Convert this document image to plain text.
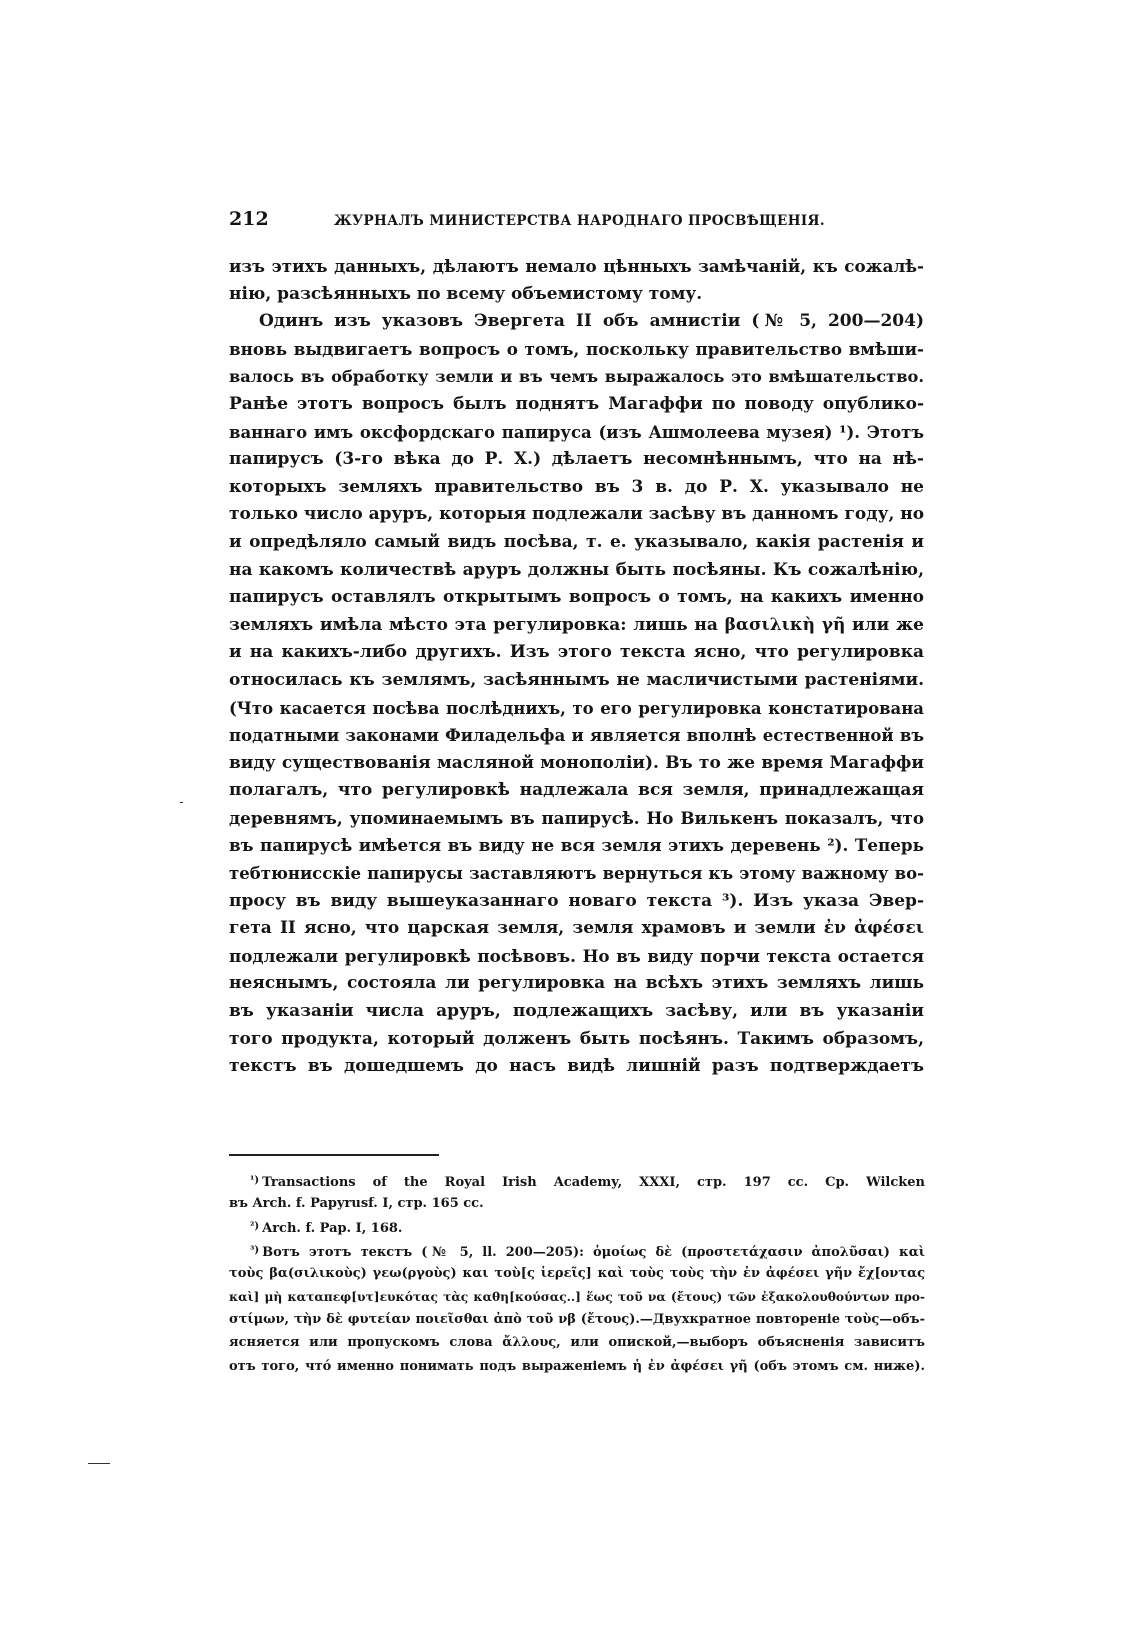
212	ЖУРНАЛЪ МИНИСТЕРСТВА НАРОДНАГО ПРОСВѢЩЕНІЯ.
изъ этихъ данныхъ, дѣлаютъ немало цѣнныхъ замѣчаній, къ сожалѣ-
нію, разсѣянныхъ по всему объемистому тому.
Одинъ изъ указовъ Эвергета II объ амнистіи (№ 5, 200—204)
вновь выдвигаетъ вопросъ о томъ, поскольку правительство вмѣши-
валось въ обработку земли и въ чемъ выражалось это вмѣшательство.
Ранѣе этотъ вопросъ былъ поднятъ Магаффи по поводу опублико-
ваннаго имъ оксфордскаго папируса (изъ Ашмолеева музея) ¹). Этотъ
папирусъ (3-го вѣка до Р. Х.) дѣлаетъ несомнѣннымъ, что на нѣ-
которыхъ земляхъ правительство въ 3 в. до Р. Х. указывало не
только число аруръ, которыя подлежали засѣву въ данномъ году, но
и опредѣляло самый видъ посѣва, т. е. указывало, какія растенія и
на какомъ количествѣ аруръ должны быть посѣяны. Къ сожалѣнію,
папирусъ оставлялъ открытымъ вопросъ о томъ, на какихъ именно
земляхъ имѣла мѣсто эта регулировка: лишь на βασιλικὴ γῆ или же
и на какихъ-либо другихъ. Изъ этого текста ясно, что регулировка
относилась къ землямъ, засѣяннымъ не масличистыми растеніями.
(Что касается посѣва послѣднихъ, то его регулировка констатирована
податными законами Филадельфа и является вполнѣ естественной въ
виду существованія масляной монополіи). Въ то же время Магаффи
полагалъ, что регулировкѣ надлежала вся земля, принадлежащая
деревнямъ, упоминаемымъ въ папирусѣ. Но Вилькенъ показалъ, что
въ папирусѣ имѣется въ виду не вся земля этихъ деревень ²). Теперь
тебтюнисскіе папирусы заставляютъ вернуться къ этому важному во-
просу въ виду вышеуказаннаго новаго текста ³). Изъ указа Эвер-
гета II ясно, что царская земля, земля храмовъ и земли ἐν ἀφέσει
подлежали регулировкѣ посѣвовъ. Но въ виду порчи текста остается
неяснымъ, состояла ли регулировка на всѣхъ этихъ земляхъ лишь
въ указаніи числа аруръ, подлежащихъ засѣву, или въ указаніи
того продукта, который долженъ быть посѣянъ. Такимъ образомъ,
текстъ въ дошедшемъ до насъ видѣ лишній разъ подтверждаетъ
$^{^1)}$ Transactions of the Royal Irish Academy, XXXI, стр. 197 сс. Ср. Wilcken
въ Arch. f. Papyrusf. I, стр. 165 сс.
$^{^2)}$ Arch. f. Pap. I, 168.
$^{^3)}$ Вотъ этотъ текстъ (№ 5, ll. 200—205): ὁμοίως δὲ (προστετάχασιν ἀπολῦσαι) καὶ
τοὺς βα(σιλικοὺς) γεω(ργοὺς) και τοὺ[ς ἱερεῖς] καὶ τοὺς τοὺς τὴν ἐν ἀφέσει γῆν ἔχ[οντας
καὶ] μὴ καταπεφ[υτ]ευκότας τὰς καθη[κούσας..] ἕως τοῦ να (ἔτους) τῶν ἐξακολουθούντων προ-
στίμων, τὴν δὲ φυτείαν ποιεῖσθαι ἀπὸ τοῦ νβ (ἔτους).—Двухкратное повтореніе τοὺς—объ-
ясняется или пропускомъ слова ἄλλους, или опиской,—выборъ объясненія зависитъ
отъ того, чтó именно понимать подъ выраженіемъ ἡ ἐν ἀφέσει γῆ (объ этомъ см. ниже).
